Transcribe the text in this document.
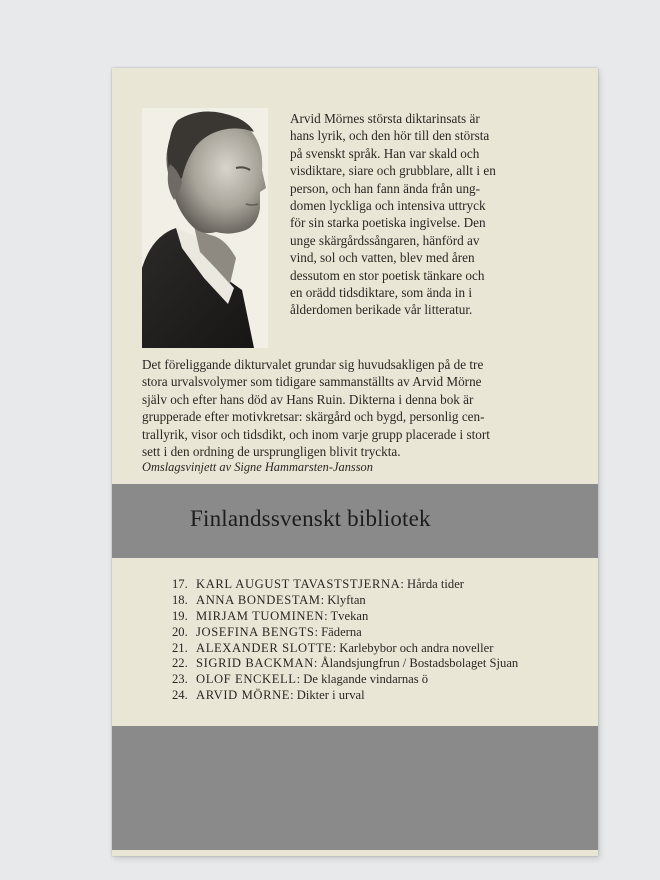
Arvid Mörnes största diktarinsats är
hans lyrik, och den hör till den största
på svenskt språk. Han var skald och
visdiktare, siare och grubblare, allt i en
person, och han fann ända från ung-
domen lyckliga och intensiva uttryck
för sin starka poetiska ingivelse. Den
unge skärgårdssångaren, hänförd av
vind, sol och vatten, blev med åren
dessutom en stor poetisk tänkare och
en orädd tidsdiktare, som ända in i
ålderdomen berikade vår litteratur.
Det föreliggande dikturvalet grundar sig huvudsakligen på de tre
stora urvalsvolymer som tidigare sammanställts av Arvid Mörne
själv och efter hans död av Hans Ruin. Dikterna i denna bok är
grupperade efter motivkretsar: skärgård och bygd, personlig cen-
trallyrik, visor och tidsdikt, och inom varje grupp placerade i stort
sett i den ordning de ursprungligen blivit tryckta.
Omslagsvinjett av Signe Hammarsten-Jansson
Finlandssvenskt bibliotek
17. KARL AUGUST TAVASTSTJERNA: Hårda tider
18. ANNA BONDESTAM: Klyftan
19. MIRJAM TUOMINEN: Tvekan
20. JOSEFINA BENGTS: Fäderna
21. ALEXANDER SLOTTE: Karlebybor och andra noveller
22. SIGRID BACKMAN: Ålandsjungfrun / Bostadsbolaget Sjuan
23. OLOF ENCKELL: De klagande vindarnas ö
24. ARVID MÖRNE: Dikter i urval
